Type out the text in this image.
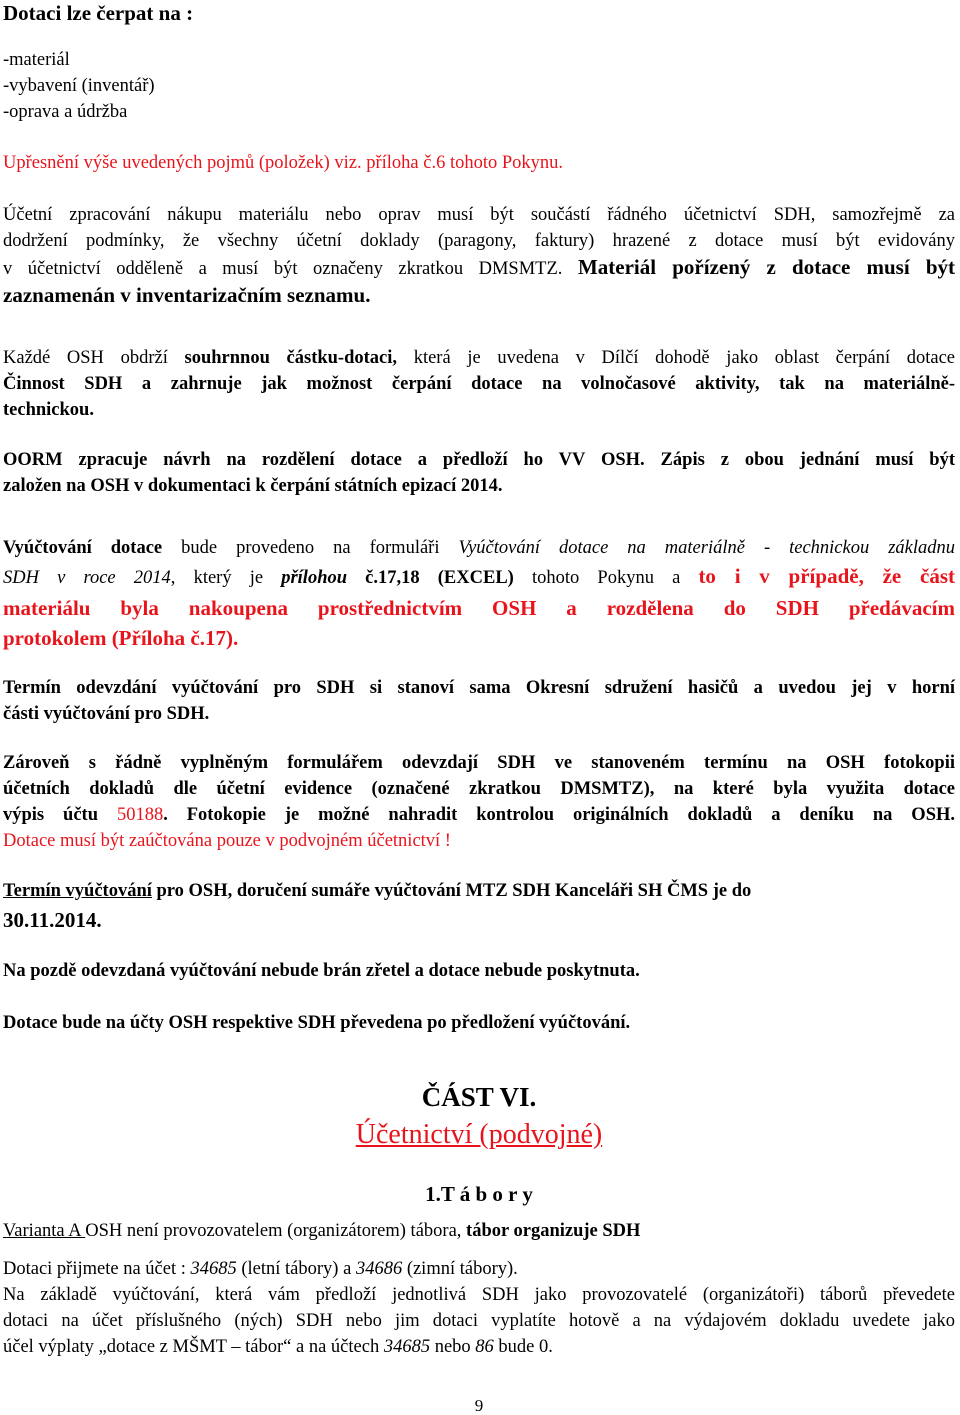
Dotaci lze čerpat na :
-materiál
-vybavení (inventář)
-oprava a údržba
Upřesnění výše uvedených pojmů (položek) viz. příloha č.6 tohoto Pokynu.
Účetní zpracování nákupu materiálu nebo oprav musí být součástí řádného účetnictví SDH, samozřejmě za
dodržení podmínky, že všechny účetní doklady (paragony, faktury) hrazené z dotace musí být evidovány
v účetnictví odděleně a musí být označeny zkratkou DMSMTZ. Materiál pořízený z dotace musí být
zaznamenán v inventarizačním seznamu.
Každé OSH obdrží souhrnnou částku-dotaci, která je uvedena v Dílčí dohodě jako oblast čerpání dotace
Činnost SDH a zahrnuje jak možnost čerpání dotace na volnočasové aktivity, tak na materiálně-
technickou.
OORM zpracuje návrh na rozdělení dotace a předloží ho VV OSH. Zápis z obou jednání musí být
založen na OSH v dokumentaci k čerpání státních epizací 2014.
Vyúčtování dotace bude provedeno na formuláři Vyúčtování dotace na materiálně - technickou základnu
SDH v roce 2014, který je přílohou č.17,18 (EXCEL) tohoto Pokynu a to i v případě, že část
materiálu byla nakoupena prostřednictvím OSH a rozdělena do SDH předávacím
protokolem (Příloha č.17).
Termín odevzdání vyúčtování pro SDH si stanoví sama Okresní sdružení hasičů a uvedou jej v horní
části vyúčtování pro SDH.
Zároveň s řádně vyplněným formulářem odevzdají SDH ve stanoveném termínu na OSH fotokopii
účetních dokladů dle účetní evidence (označené zkratkou DMSMTZ), na které byla využita dotace
výpis účtu 50188. Fotokopie je možné nahradit kontrolou originálních dokladů a deníku na OSH.
Dotace musí být zaúčtována pouze v podvojném účetnictví !
Termín vyúčtování pro OSH, doručení sumáře vyúčtování MTZ SDH Kanceláři SH ČMS je do
30.11.2014.
Na pozdě odevzdaná vyúčtování nebude brán zřetel a dotace nebude poskytnuta.
Dotace bude na účty OSH respektive SDH převedena po předložení vyúčtování.
ČÁST VI.
Účetnictví (podvojné)
1.T á b o r y
Varianta A OSH není provozovatelem (organizátorem) tábora, tábor organizuje SDH
Dotaci přijmete na účet : 34685 (letní tábory) a 34686 (zimní tábory).
Na základě vyúčtování, která vám předloží jednotlivá SDH jako provozovatelé (organizátoři) táborů převedete
dotaci na účet příslušného (ných) SDH nebo jim dotaci vyplatíte hotově a na výdajovém dokladu uvedete jako
účel výplaty „dotace z MŠMT – tábor“ a na účtech 34685 nebo 86 bude 0.
9
